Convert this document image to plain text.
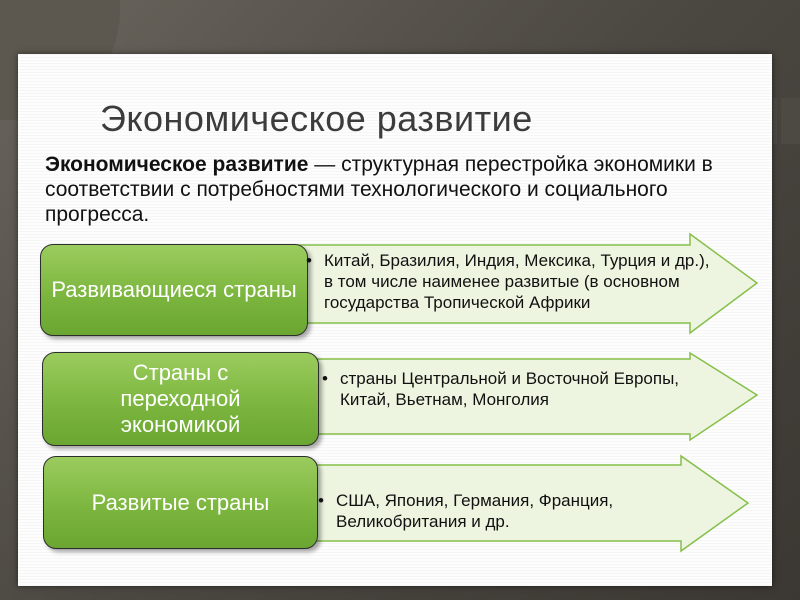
Экономическое развитие

Экономическое развитие — структурная перестройка экономики в соответствии с потребностями технологического и социального прогресса.

Развивающиеся страны
• Китай, Бразилия, Индия, Мексика, Турция и др.), в том числе наименее развитые (в основном государства Тропической Африки
Страны с переходной экономикой
• страны Центральной и Восточной Европы, Китай, Вьетнам, Монголия
Развитые страны
•	США, Япония, Германия, Франция, Великобритания и др.
